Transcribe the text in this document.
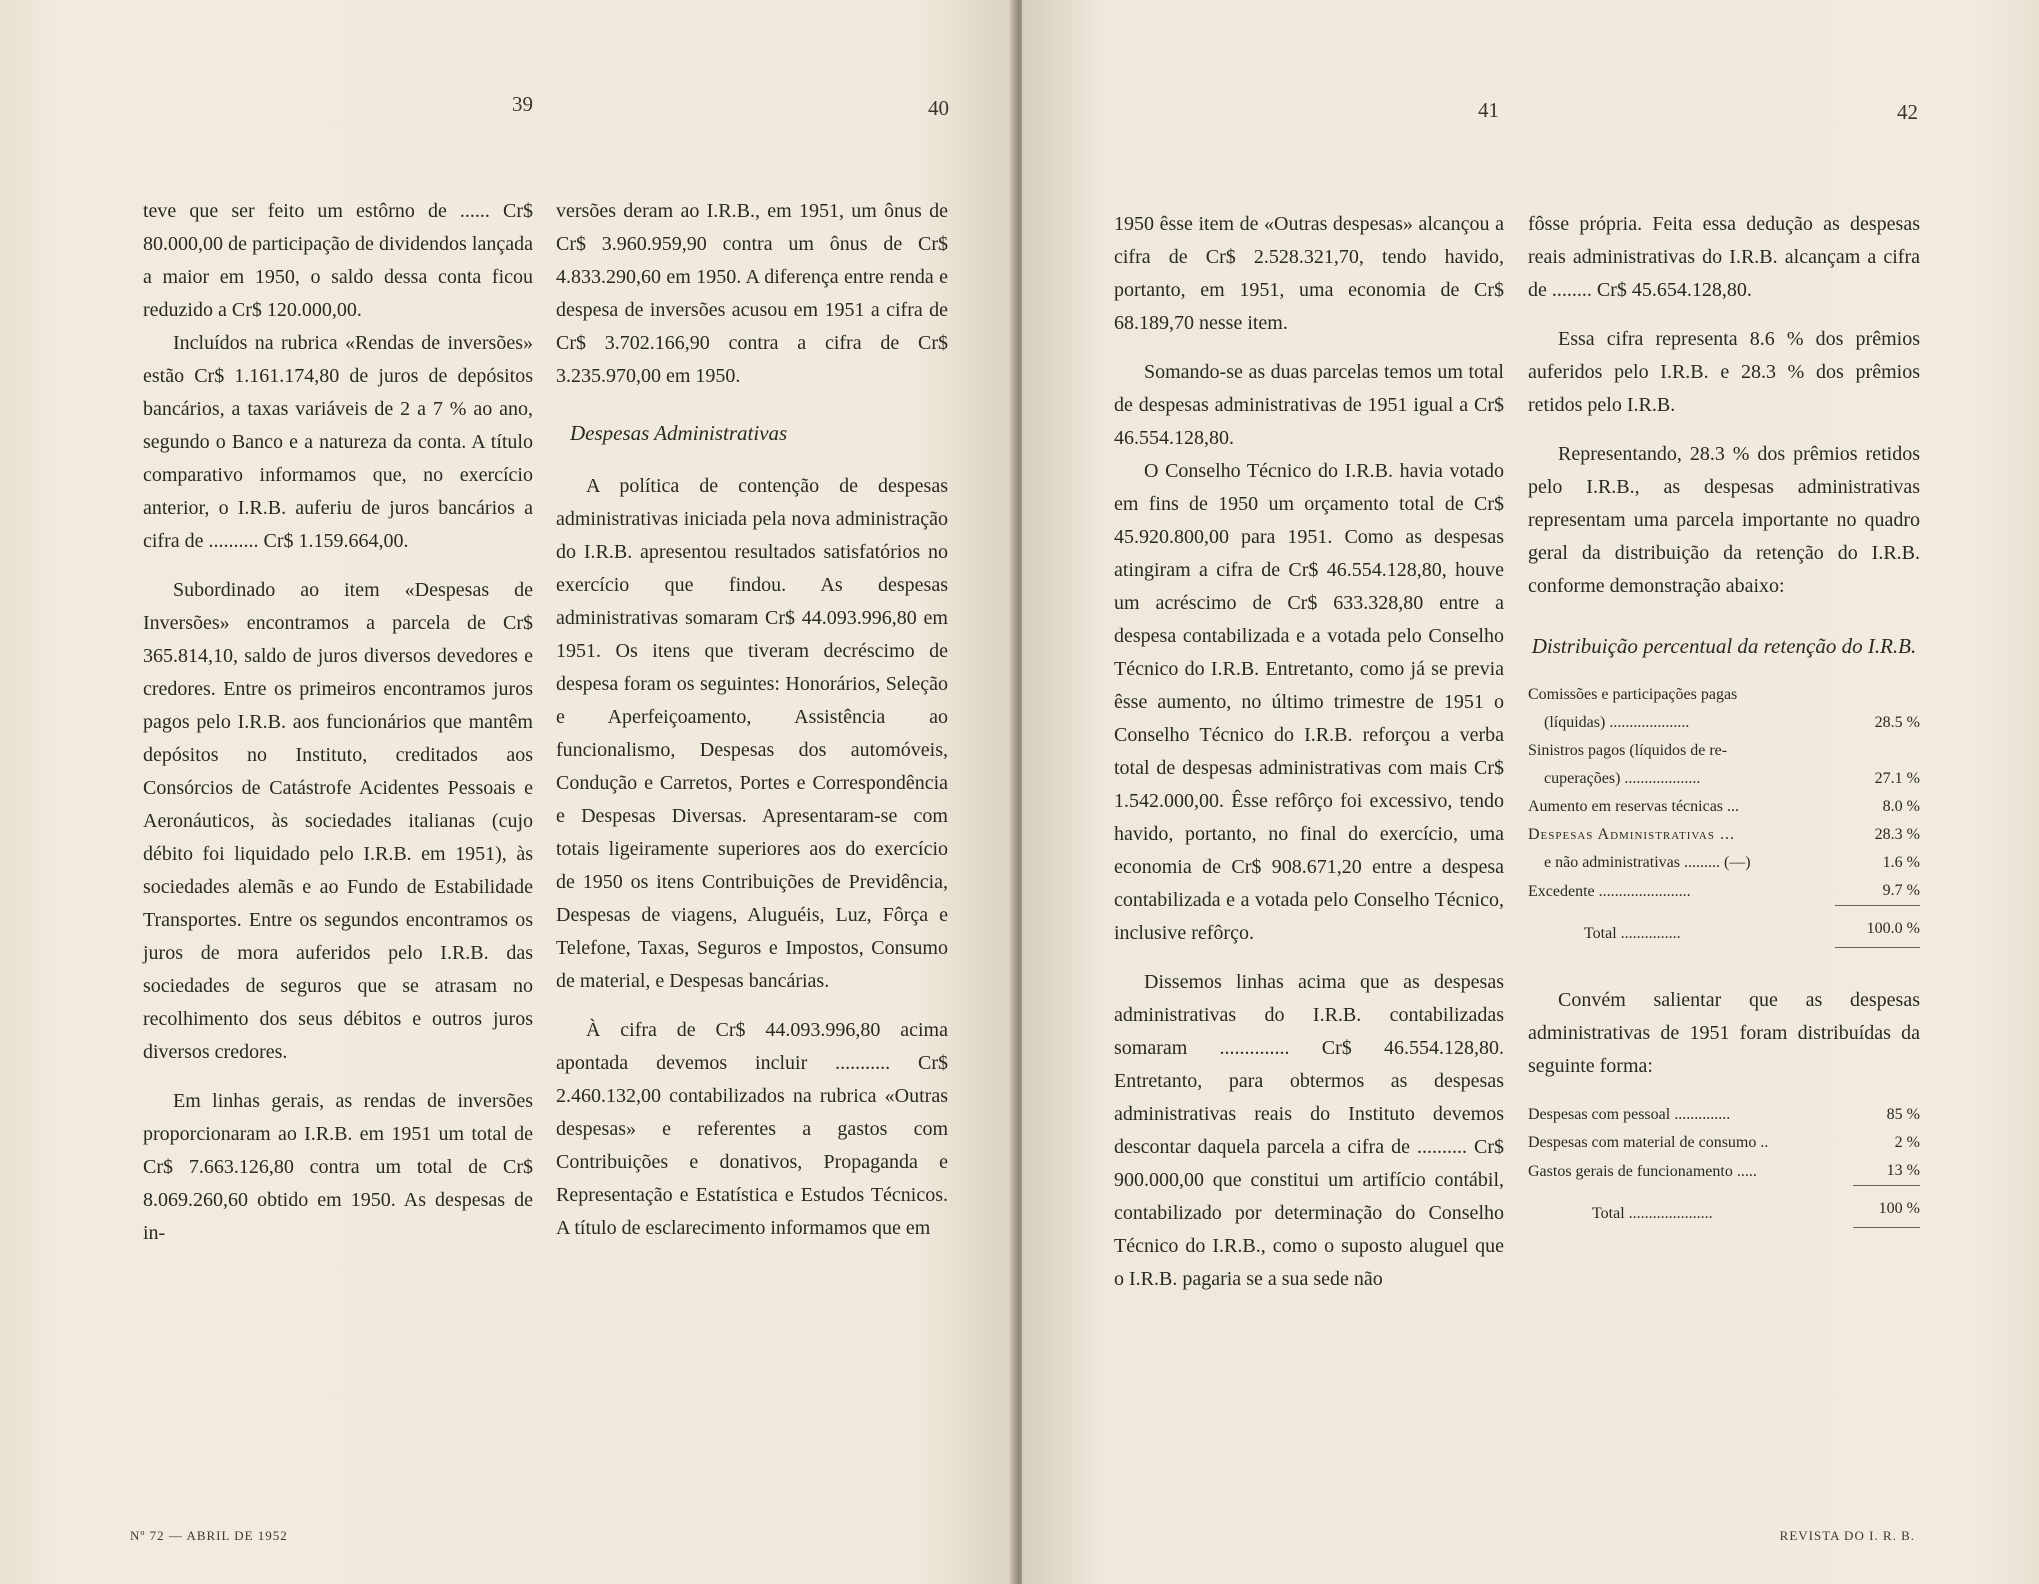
39	40

teve que ser feito um estôrno de ...... Cr$ 80.000,00 de participação de dividendos lançada a maior em 1950, o saldo dessa conta ficou reduzido a Cr$ 120.000,00.

Incluídos na rubrica «Rendas de inversões» estão Cr$ 1.161.174,80 de juros de depósitos bancários, a taxas variáveis de 2 a 7 % ao ano, segundo o Banco e a natureza da conta. A título comparativo informamos que, no exercício anterior, o I.R.B. auferiu de juros bancários a cifra de .......... Cr$ 1.159.664,00.

Subordinado ao item «Despesas de Inversões» encontramos a parcela de Cr$ 365.814,10, saldo de juros diversos devedores e credores. Entre os primeiros encontramos juros pagos pelo I.R.B. aos funcionários que mantêm depósitos no Instituto, creditados aos Consórcios de Catástrofe Acidentes Pessoais e Aeronáuticos, às sociedades italianas (cujo débito foi liquidado pelo I.R.B. em 1951), às sociedades alemãs e ao Fundo de Estabilidade Transportes. Entre os segundos encontramos os juros de mora auferidos pelo I.R.B. das sociedades de seguros que se atrasam no recolhimento dos seus débitos e outros juros diversos credores.

Em linhas gerais, as rendas de inversões proporcionaram ao I.R.B. em 1951 um total de Cr$ 7.663.126,80 contra um total de Cr$ 8.069.260,60 obtido em 1950. As despesas de in-

versões deram ao I.R.B., em 1951, um ônus de Cr$ 3.960.959,90 contra um ônus de Cr$ 4.833.290,60 em 1950. A diferença entre renda e despesa de inversões acusou em 1951 a cifra de Cr$ 3.702.166,90 contra a cifra de Cr$ 3.235.970,00 em 1950.

Despesas Administrativas

A política de contenção de despesas administrativas iniciada pela nova administração do I.R.B. apresentou resultados satisfatórios no exercício que findou. As despesas administrativas somaram Cr$ 44.093.996,80 em 1951. Os itens que tiveram decréscimo de despesa foram os seguintes: Honorários, Seleção e Aperfeiçoamento, Assistência ao funcionalismo, Despesas dos automóveis, Condução e Carretos, Portes e Correspondência e Despesas Diversas. Apresentaram-se com totais ligeiramente superiores aos do exercício de 1950 os itens Contribuições de Previdência, Despesas de viagens, Aluguéis, Luz, Fôrça e Telefone, Taxas, Seguros e Impostos, Consumo de material, e Despesas bancárias.

À cifra de Cr$ 44.093.996,80 acima apontada devemos incluir ........... Cr$ 2.460.132,00 contabilizados na rubrica «Outras despesas» e referentes a gastos com Contribuições e donativos, Propaganda e Representação e Estatística e Estudos Técnicos. A título de esclarecimento informamos que em

Nº 72 — ABRIL DE 1952
41	42

1950 êsse item de «Outras despesas» alcançou a cifra de Cr$ 2.528.321,70, tendo havido, portanto, em 1951, uma economia de Cr$ 68.189,70 nesse item.

Somando-se as duas parcelas temos um total de despesas administrativas de 1951 igual a Cr$ 46.554.128,80.

O Conselho Técnico do I.R.B. havia votado em fins de 1950 um orçamento total de Cr$ 45.920.800,00 para 1951. Como as despesas atingiram a cifra de Cr$ 46.554.128,80, houve um acréscimo de Cr$ 633.328,80 entre a despesa contabilizada e a votada pelo Conselho Técnico do I.R.B. Entretanto, como já se previa êsse aumento, no último trimestre de 1951 o Conselho Técnico do I.R.B. reforçou a verba total de despesas administrativas com mais Cr$ 1.542.000,00. Êsse refôrço foi excessivo, tendo havido, portanto, no final do exercício, uma economia de Cr$ 908.671,20 entre a despesa contabilizada e a votada pelo Conselho Técnico, inclusive refôrço.

Dissemos linhas acima que as despesas administrativas do I.R.B. contabilizadas somaram .............. Cr$ 46.554.128,80. Entretanto, para obtermos as despesas administrativas reais do Instituto devemos descontar daquela parcela a cifra de .......... Cr$ 900.000,00 que constitui um artifício contábil, contabilizado por determinação do Conselho Técnico do I.R.B., como o suposto aluguel que o I.R.B. pagaria se a sua sede não

fôsse própria. Feita essa dedução as despesas reais administrativas do I.R.B. alcançam a cifra de ........ Cr$ 45.654.128,80.

Essa cifra representa 8.6 % dos prêmios auferidos pelo I.R.B. e 28.3 % dos prêmios retidos pelo I.R.B.

Representando, 28.3 % dos prêmios retidos pelo I.R.B., as despesas administrativas representam uma parcela importante no quadro geral da distribuição da retenção do I.R.B. conforme demonstração abaixo:

Distribuição percentual da retenção do I.R.B.

Comissões e participações pagas	
(líquidas) ....................	28.5 %
Sinistros pagos (líquidos de re-	
cuperações) ...................	27.1 %
Aumento em reservas técnicas ...	8.0 %
Despesas Administrativas ...	28.3 %
e não administrativas ......... (—)	1.6 %
Excedente .......................	9.7 %
Total ...............	100.0 %

Convém salientar que as despesas administrativas de 1951 foram distribuídas da seguinte forma:

Despesas com pessoal ..............	85 %
Despesas com material de consumo ..	2 %
Gastos gerais de funcionamento .....	13 %
Total .....................	100 %
REVISTA DO I. R. B.
